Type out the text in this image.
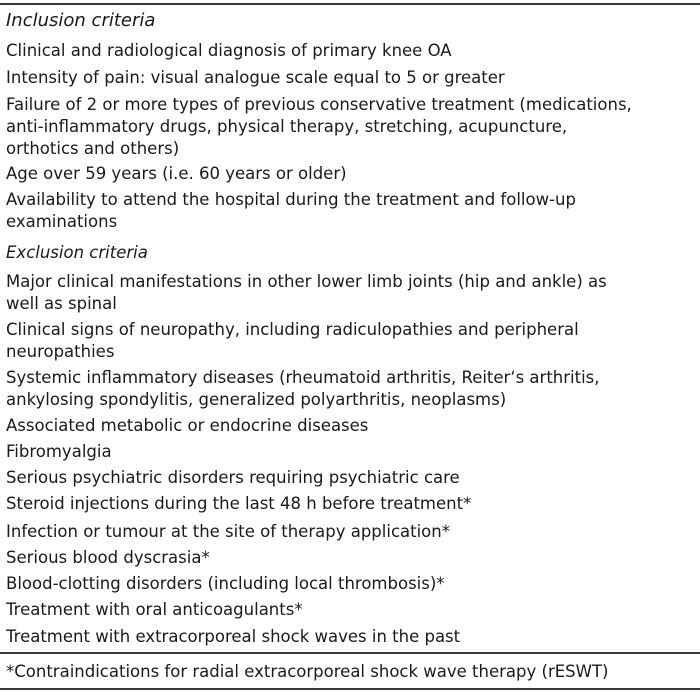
Inclusion criteria
Clinical and radiological diagnosis of primary knee OA
Intensity of pain: visual analogue scale equal to 5 or greater
Failure of 2 or more types of previous conservative treatment (medications,
anti-inflammatory drugs, physical therapy, stretching, acupuncture,
orthotics and others)
Age over 59 years (i.e. 60 years or older)
Availability to attend the hospital during the treatment and follow-up
examinations
Exclusion criteria
Major clinical manifestations in other lower limb joints (hip and ankle) as
well as spinal
Clinical signs of neuropathy, including radiculopathies and peripheral
neuropathies
Systemic inflammatory diseases (rheumatoid arthritis, Reiter‘s arthritis,
ankylosing spondylitis, generalized polyarthritis, neoplasms)
Associated metabolic or endocrine diseases
Fibromyalgia
Serious psychiatric disorders requiring psychiatric care
Steroid injections during the last 48 h before treatment*
Infection or tumour at the site of therapy application*
Serious blood dyscrasia*
Blood-clotting disorders (including local thrombosis)*
Treatment with oral anticoagulants*
Treatment with extracorporeal shock waves in the past
*Contraindications for radial extracorporeal shock wave therapy (rESWT)
